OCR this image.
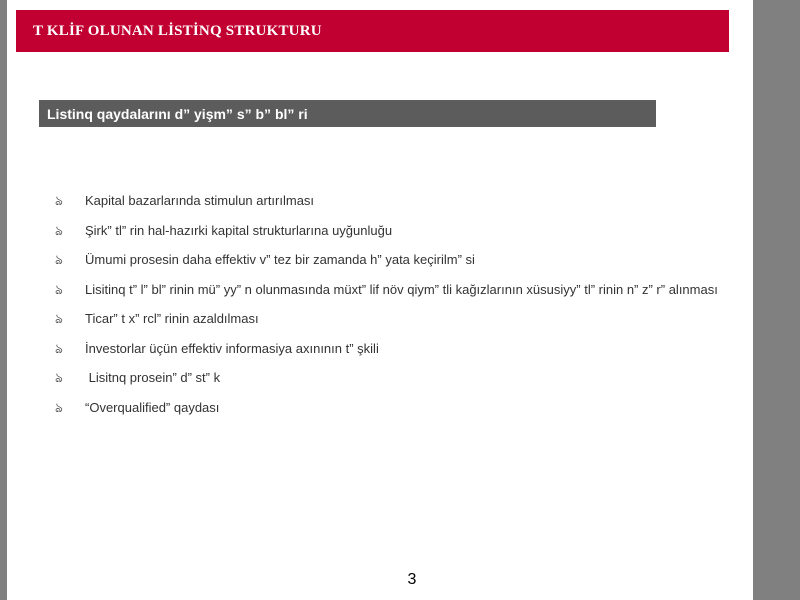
T KLİF OLUNAN LİSTİNQ STRUKTURU
Listinq qaydalarını d” yişm” s” b” bl” ri
ঌ	Kapital bazarlarında stimulun artırılması
ঌ	Şirk” tl” rin hal-hazırki kapital strukturlarına uyğunluğu
ঌ	Ümumi prosesin daha effektiv v” tez bir zamanda h” yata keçirilm” si
ঌ	Lisitinq t” l” bl” rinin mü” yy” n olunmasında müxt” lif növ qiym” tli kağızlarının xüsusiyy” tl” rinin n” z” r” alınması
ঌ	Ticar” t x” rcl” rinin azaldılması
ঌ	İnvestorlar üçün effektiv informasiya axınının t” şkili
ঌ	Lisitnq prosein” d” st” k
ঌ	“Overqualified” qaydası
3
